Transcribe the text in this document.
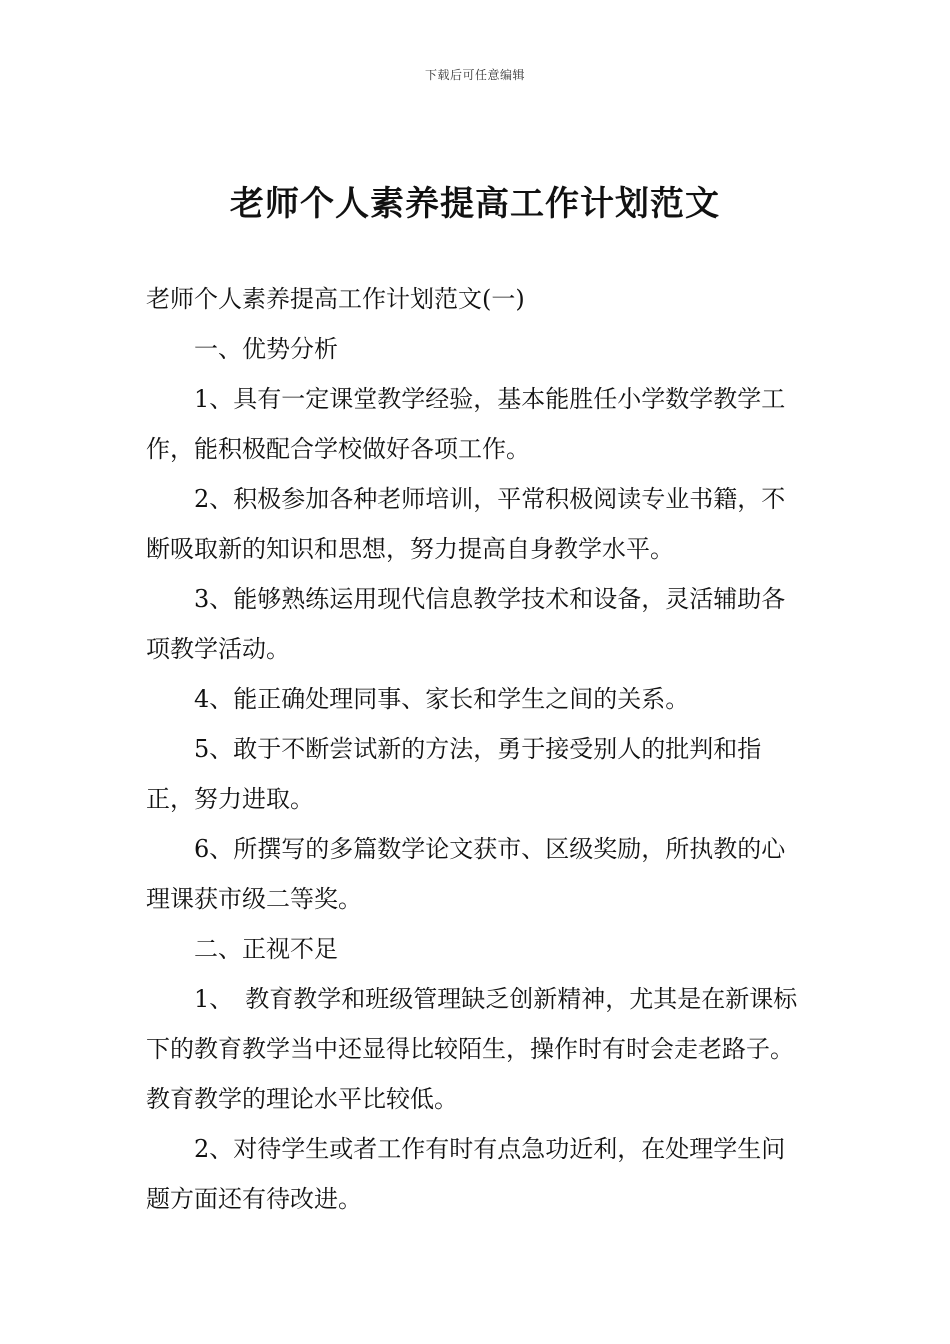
下载后可任意编辑
老师个人素养提高工作计划范文

老师个人素养提高工作计划范文(一)

一、优势分析

1、具有一定课堂教学经验，基本能胜任小学数学教学工作，能积极配合学校做好各项工作。

2、积极参加各种老师培训，平常积极阅读专业书籍，不断吸取新的知识和思想，努力提高自身教学水平。

3、能够熟练运用现代信息教学技术和设备，灵活辅助各项教学活动。

4、能正确处理同事、家长和学生之间的关系。

5、敢于不断尝试新的方法，勇于接受别人的批判和指正，努力进取。

6、所撰写的多篇数学论文获市、区级奖励，所执教的心理课获市级二等奖。

二、正视不足

1、　教育教学和班级管理缺乏创新精神，尤其是在新课标下的教育教学当中还显得比较陌生，操作时有时会走老路子。教育教学的理论水平比较低。

2、对待学生或者工作有时有点急功近利，在处理学生问题方面还有待改进。
